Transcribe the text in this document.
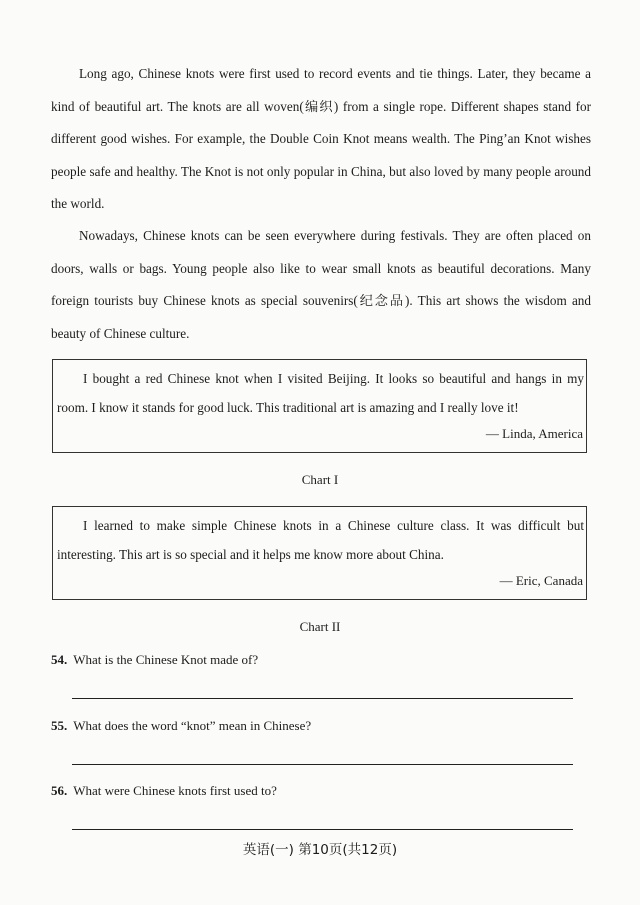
Long ago, Chinese knots were first used to record events and tie things. Later, they became a kind of beautiful art. The knots are all woven(编织) from a single rope. Different shapes stand for different good wishes. For example, the Double Coin Knot means wealth. The Ping’an Knot wishes people safe and healthy. The Knot is not only popular in China, but also loved by many people around the world.

Nowadays, Chinese knots can be seen everywhere during festivals. They are often placed on doors, walls or bags. Young people also like to wear small knots as beautiful decorations. Many foreign tourists buy Chinese knots as special souvenirs(纪念品). This art shows the wisdom and beauty of Chinese culture.

I bought a red Chinese knot when I visited Beijing. It looks so beautiful and hangs in my room. I know it stands for good luck. This traditional art is amazing and I really love it!

— Linda, America
Chart I

I learned to make simple Chinese knots in a Chinese culture class. It was difficult but interesting. This art is so special and it helps me know more about China.

— Eric, Canada
Chart II
54. What is the Chinese Knot made of?
55. What does the word “knot” mean in Chinese?
56. What were Chinese knots first used to?
英语(一) 第10页(共12页)
